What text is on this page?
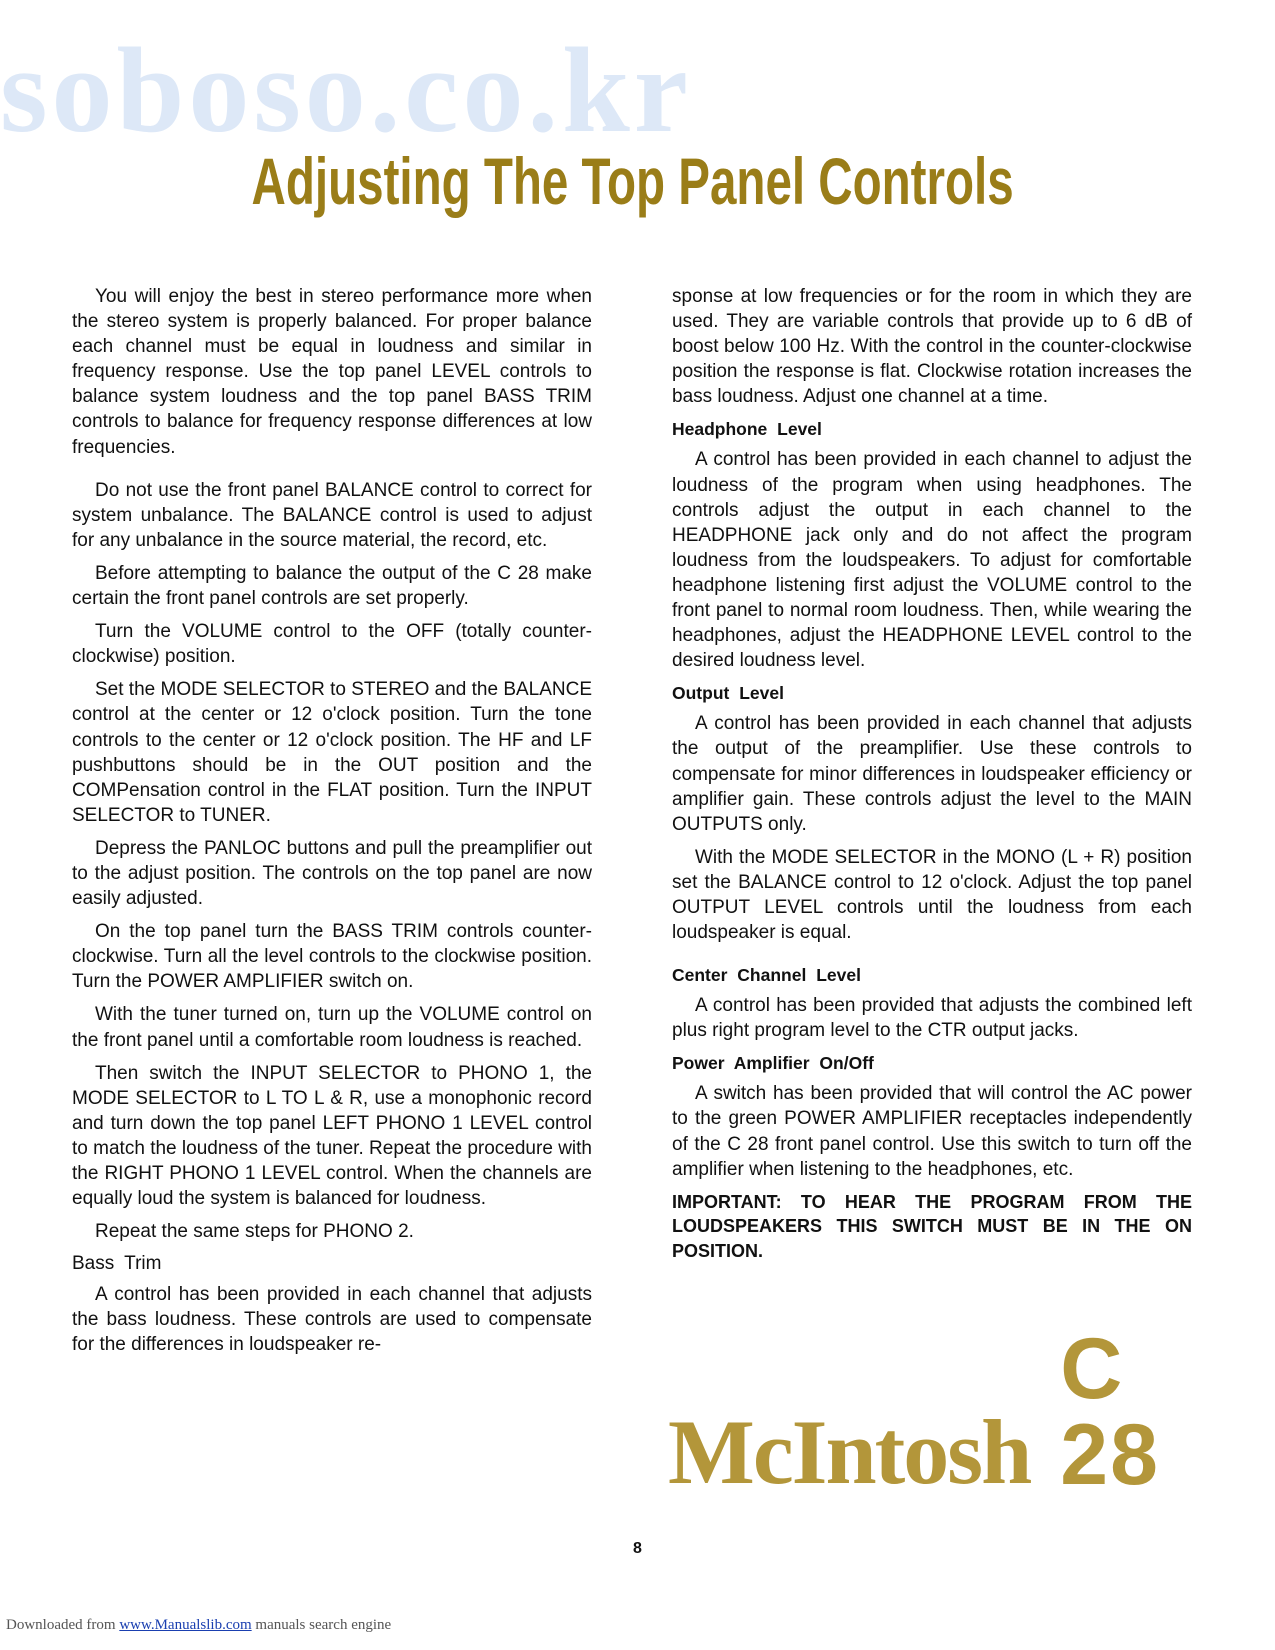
soboso.co.kr
Adjusting The Top Panel Controls

You will enjoy the best in stereo performance more when the stereo system is properly balanced. For proper balance each channel must be equal in loudness and similar in frequency response. Use the top panel LEVEL controls to balance system loudness and the top panel BASS TRIM controls to balance for frequency response differences at low frequencies.

Do not use the front panel BALANCE control to correct for system unbalance. The BALANCE control is used to adjust for any unbalance in the source material, the record, etc.

Before attempting to balance the output of the C 28 make certain the front panel controls are set properly.

Turn the VOLUME control to the OFF (totally counter-clockwise) position.

Set the MODE SELECTOR to STEREO and the BALANCE control at the center or 12 o'clock position. Turn the tone controls to the center or 12 o'clock position. The HF and LF pushbuttons should be in the OUT position and the COMPensation control in the FLAT position. Turn the INPUT SELECTOR to TUNER.

Depress the PANLOC buttons and pull the preamplifier out to the adjust position. The controls on the top panel are now easily adjusted.

On the top panel turn the BASS TRIM controls counter-clockwise. Turn all the level controls to the clockwise position. Turn the POWER AMPLIFIER switch on.

With the tuner turned on, turn up the VOLUME control on the front panel until a comfortable room loudness is reached.

Then switch the INPUT SELECTOR to PHONO 1, the MODE SELECTOR to L TO L & R, use a monophonic record and turn down the top panel LEFT PHONO 1 LEVEL control to match the loudness of the tuner. Repeat the procedure with the RIGHT PHONO 1 LEVEL control. When the channels are equally loud the system is balanced for loudness.

Repeat the same steps for PHONO 2.

Bass Trim

A control has been provided in each channel that adjusts the bass loudness. These controls are used to compensate for the differences in loudspeaker re-

sponse at low frequencies or for the room in which they are used. They are variable controls that provide up to 6 dB of boost below 100 Hz. With the control in the counter-clockwise position the response is flat. Clockwise rotation increases the bass loudness. Adjust one channel at a time.

Headphone Level

A control has been provided in each channel to adjust the loudness of the program when using headphones. The controls adjust the output in each channel to the HEADPHONE jack only and do not affect the program loudness from the loudspeakers. To adjust for comfortable headphone listening first adjust the VOLUME control to the front panel to normal room loudness. Then, while wearing the headphones, adjust the HEADPHONE LEVEL control to the desired loudness level.

Output Level

A control has been provided in each channel that adjusts the output of the preamplifier. Use these controls to compensate for minor differences in loudspeaker efficiency or amplifier gain. These controls adjust the level to the MAIN OUTPUTS only.

With the MODE SELECTOR in the MONO (L + R) position set the BALANCE control to 12 o'clock. Adjust the top panel OUTPUT LEVEL controls until the loudness from each loudspeaker is equal.

Center Channel Level

A control has been provided that adjusts the combined left plus right program level to the CTR output jacks.

Power Amplifier On/Off

A switch has been provided that will control the AC power to the green POWER AMPLIFIER receptacles independently of the C 28 front panel control. Use this switch to turn off the amplifier when listening to the headphones, etc.

IMPORTANT: TO HEAR THE PROGRAM FROM THE LOUDSPEAKERS THIS SWITCH MUST BE IN THE ON POSITION.

McIntosh
C 28
8
Downloaded from www.Manualslib.com manuals search engine
